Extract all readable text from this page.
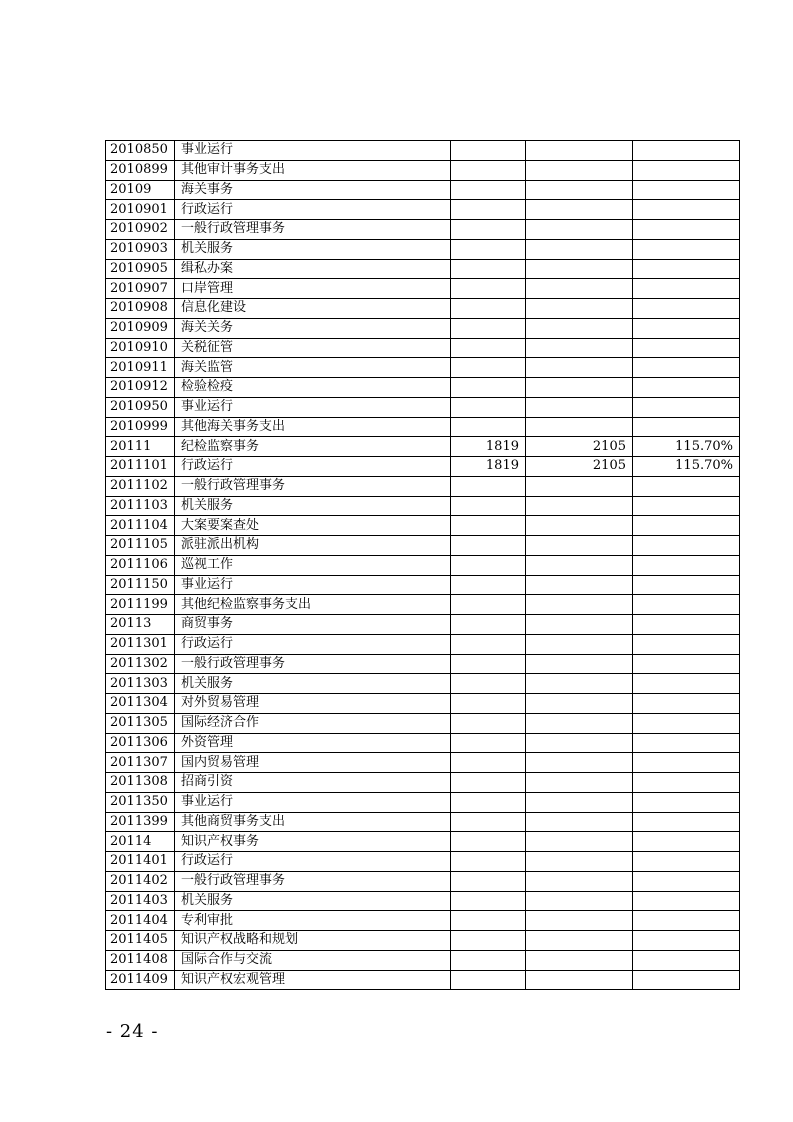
2010850	事业运行			
2010899	其他审计事务支出			
20109	海关事务			
2010901	行政运行			
2010902	一般行政管理事务			
2010903	机关服务			
2010905	缉私办案			
2010907	口岸管理			
2010908	信息化建设			
2010909	海关关务			
2010910	关税征管			
2010911	海关监管			
2010912	检验检疫			
2010950	事业运行			
2010999	其他海关事务支出			
20111	纪检监察事务	1819	2105	115.70%
2011101	行政运行	1819	2105	115.70%
2011102	一般行政管理事务			
2011103	机关服务			
2011104	大案要案查处			
2011105	派驻派出机构			
2011106	巡视工作			
2011150	事业运行			
2011199	其他纪检监察事务支出			
20113	商贸事务			
2011301	行政运行			
2011302	一般行政管理事务			
2011303	机关服务			
2011304	对外贸易管理			
2011305	国际经济合作			
2011306	外资管理			
2011307	国内贸易管理			
2011308	招商引资			
2011350	事业运行			
2011399	其他商贸事务支出			
20114	知识产权事务			
2011401	行政运行			
2011402	一般行政管理事务			
2011403	机关服务			
2011404	专利审批			
2011405	知识产权战略和规划			
2011408	国际合作与交流			
2011409	知识产权宏观管理			
- 24 -
